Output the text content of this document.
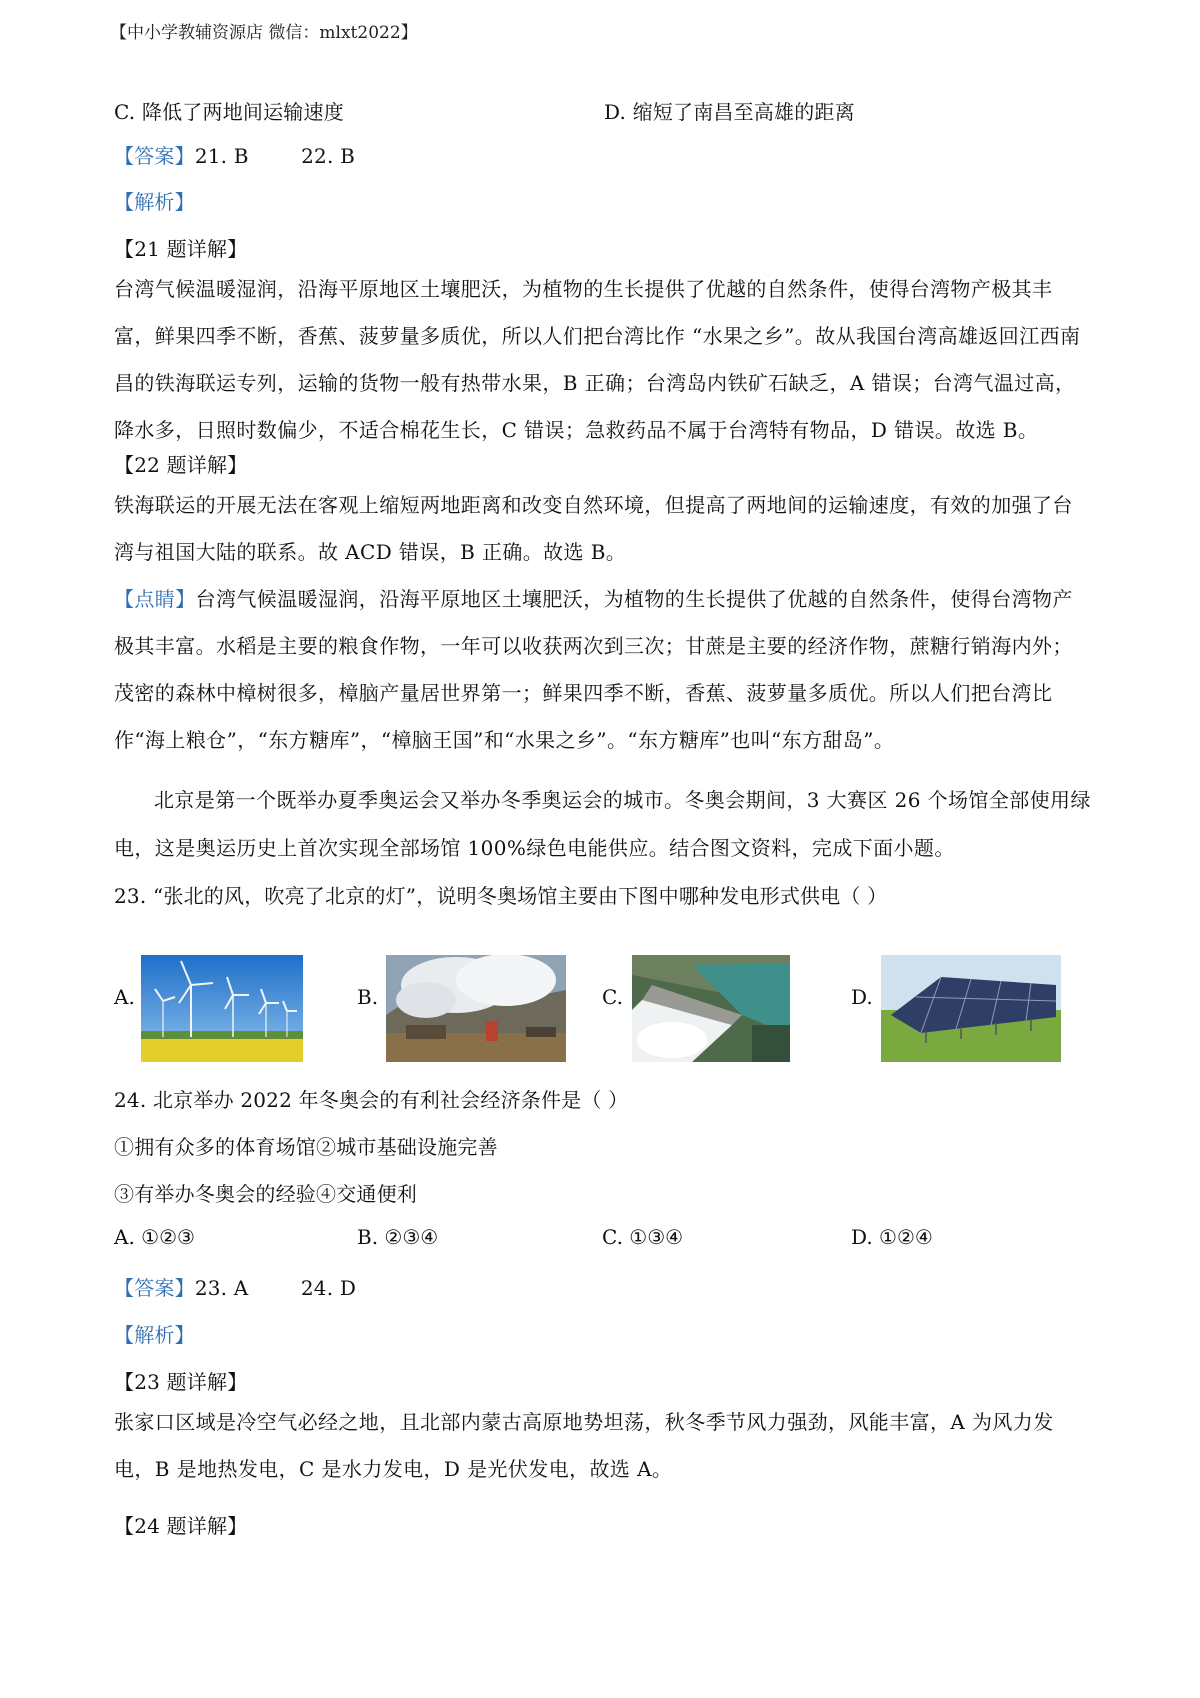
【中小学教辅资源店 微信：mlxt2022】
C. 降低了两地间运输速度	D. 缩短了南昌至高雄的距离
【答案】21. B        22. B
【解析】
【21 题详解】
台湾气候温暖湿润，沿海平原地区土壤肥沃，为植物的生长提供了优越的自然条件，使得台湾物产极其丰富，鲜果四季不断，香蕉、菠萝量多质优，所以人们把台湾比作 “水果之乡”。故从我国台湾高雄返回江西南昌的铁海联运专列，运输的货物一般有热带水果，B 正确；台湾岛内铁矿石缺乏，A 错误；台湾气温过高，降水多，日照时数偏少，不适合棉花生长，C 错误；急救药品不属于台湾特有物品，D 错误。故选 B。
【22 题详解】
铁海联运的开展无法在客观上缩短两地距离和改变自然环境，但提高了两地间的运输速度，有效的加强了台湾与祖国大陆的联系。故 ACD 错误，B 正确。故选 B。
【点睛】台湾气候温暖湿润，沿海平原地区土壤肥沃，为植物的生长提供了优越的自然条件，使得台湾物产极其丰富。水稻是主要的粮食作物，一年可以收获两次到三次；甘蔗是主要的经济作物，蔗糖行销海内外；茂密的森林中樟树很多，樟脑产量居世界第一；鲜果四季不断，香蕉、菠萝量多质优。所以人们把台湾比作“海上粮仓”，“东方糖库”，“樟脑王国”和“水果之乡”。“东方糖库”也叫“东方甜岛”。
北京是第一个既举办夏季奥运会又举办冬季奥运会的城市。冬奥会期间，3 大赛区 26 个场馆全部使用绿电，这是奥运历史上首次实现全部场馆 100%绿色电能供应。结合图文资料，完成下面小题。
23. “张北的风，吹亮了北京的灯”，说明冬奥场馆主要由下图中哪种发电形式供电（ ）
A.	B.	C.	D.
24. 北京举办 2022 年冬奥会的有利社会经济条件是（ ）
①拥有众多的体育场馆②城市基础设施完善
③有举办冬奥会的经验④交通便利
A. ①②③	B. ②③④	C. ①③④	D. ①②④
【答案】23. A        24. D
【解析】
【23 题详解】
张家口区域是冷空气必经之地，且北部内蒙古高原地势坦荡，秋冬季节风力强劲，风能丰富，A 为风力发电，B 是地热发电，C 是水力发电，D 是光伏发电，故选 A。
【24 题详解】
